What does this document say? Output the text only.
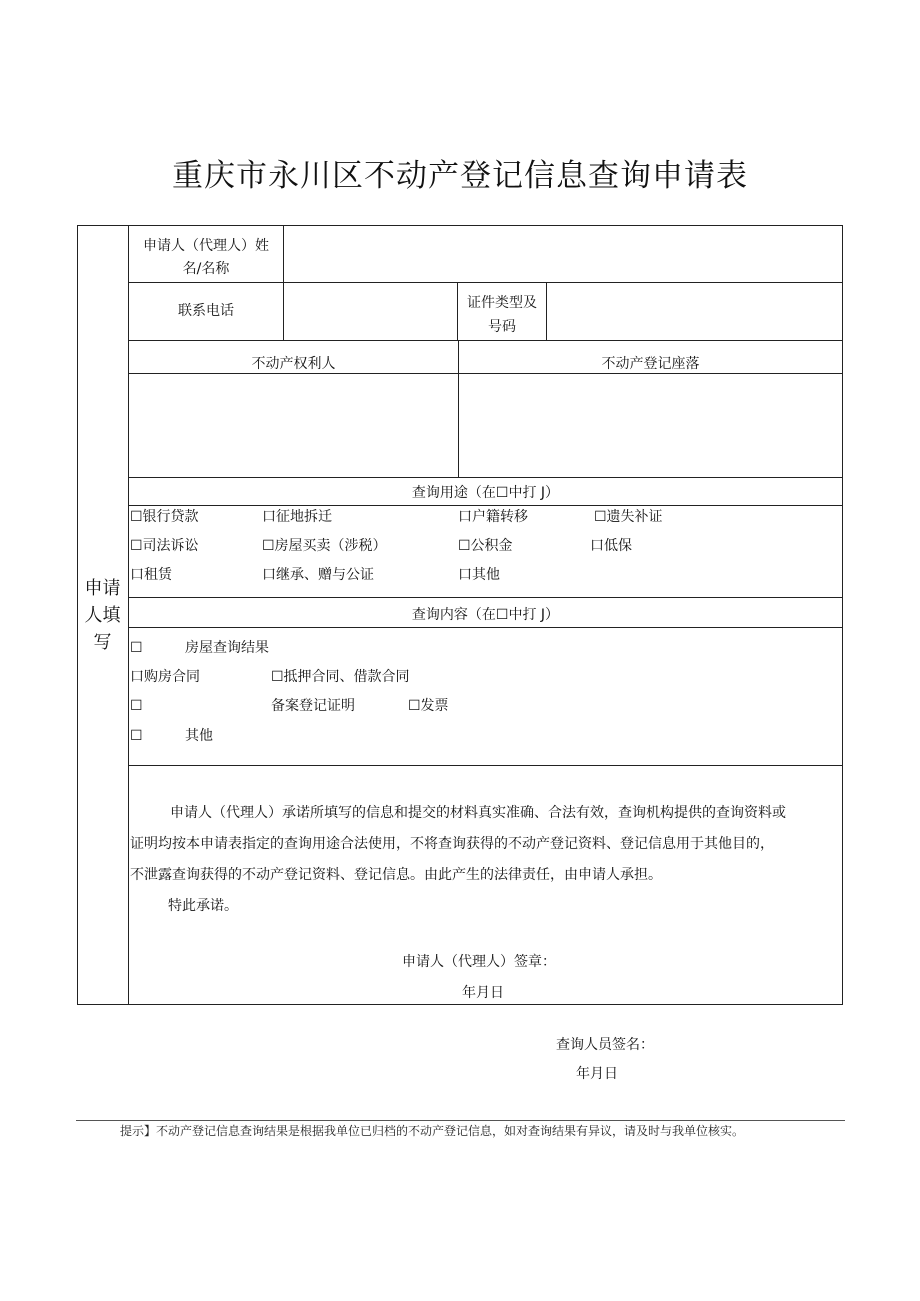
重庆市永川区不动产登记信息查询申请表
申请
人填
写
申请人（代理人）姓
名/名称
联系电话	证件类型及
号码
不动产权利人	不动产登记座落
查询用途（在☐中打 J）
☐银行贷款	口征地拆迁	口户籍转移	☐遗失补证
☐司法诉讼	☐房屋买卖（涉税）	☐公积金	口低保
口租赁	口继承、赠与公证	口其他
查询内容（在☐中打 J）
☐	房屋查询结果
口购房合同	☐抵押合同、借款合同
☐	备案登记证明	☐发票
☐	其他
申请人（代理人）承诺所填写的信息和提交的材料真实准确、合法有效，查询机构提供的查询资料或
证明均按本申请表指定的查询用途合法使用，不将查询获得的不动产登记资料、登记信息用于其他目的，
不泄露查询获得的不动产登记资料、登记信息。由此产生的法律责任，由申请人承担。
特此承诺。
申请人（代理人）签章：
年月日
查询人员签名：
年月日
提示】不动产登记信息查询结果是根据我单位已归档的不动产登记信息，如对查询结果有异议，请及时与我单位核实。
